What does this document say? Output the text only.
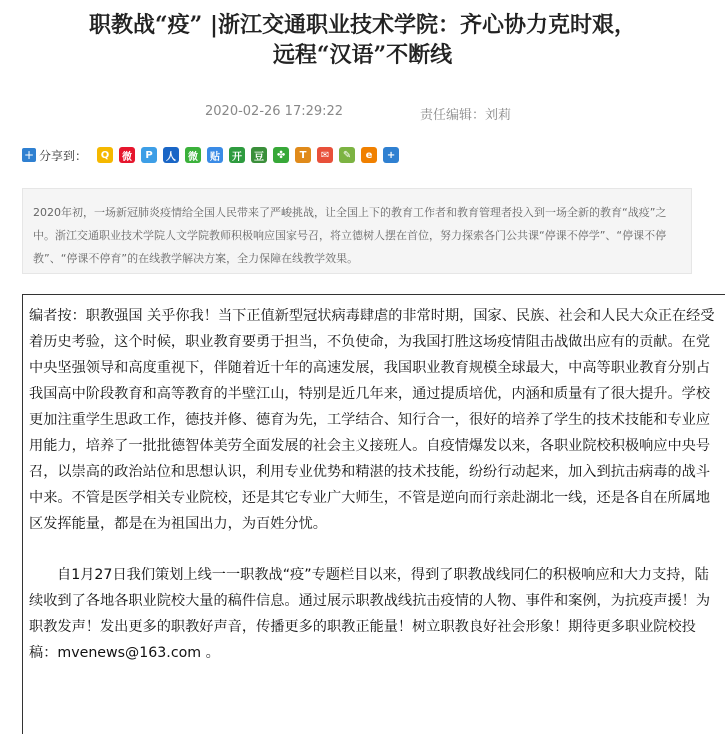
职教战“疫” |浙江交通职业技术学院：齐心协力克时艰，
远程“汉语”不断线
2020-02-26 17:29:22	责任编辑：刘莉
+ 分享到：	Q	微	P	人	微	贴	开	豆	✤	T	✉	✎	e	+
2020年初，一场新冠肺炎疫情给全国人民带来了严峻挑战，让全国上下的教育工作者和教育管理者投入到一场全新的教育“战疫”之中。浙江交通职业技术学院人文学院教师积极响应国家号召，将立德树人摆在首位，努力探索各门公共课“停课不停学”、“停课不停教”、“停课不停育”的在线教学解决方案，全力保障在线教学效果。

编者按：职教强国 关乎你我！当下正值新型冠状病毒肆虐的非常时期，国家、民族、社会和人民大众正在经受着历史考验，这个时候，职业教育要勇于担当，不负使命，为我国打胜这场疫情阻击战做出应有的贡献。在党中央坚强领导和高度重视下，伴随着近十年的高速发展，我国职业教育规模全球最大，中高等职业教育分别占我国高中阶段教育和高等教育的半壁江山，特别是近几年来，通过提质培优，内涵和质量有了很大提升。学校更加注重学生思政工作，德技并修、德育为先，工学结合、知行合一，很好的培养了学生的技术技能和专业应用能力，培养了一批批德智体美劳全面发展的社会主义接班人。自疫情爆发以来，各职业院校积极响应中央号召，以崇高的政治站位和思想认识，利用专业优势和精湛的技术技能，纷纷行动起来，加入到抗击病毒的战斗中来。不管是医学相关专业院校，还是其它专业广大师生，不管是逆向而行亲赴湖北一线，还是各自在所属地区发挥能量，都是在为祖国出力，为百姓分忧。

自1月27日我们策划上线一一职教战“疫”专题栏目以来，得到了职教战线同仁的积极响应和大力支持，陆续收到了各地各职业院校大量的稿件信息。通过展示职教战线抗击疫情的人物、事件和案例，为抗疫声援！为职教发声！发出更多的职教好声音，传播更多的职教正能量！树立职教良好社会形象！期待更多职业院校投稿：mvenews@163.com 。
